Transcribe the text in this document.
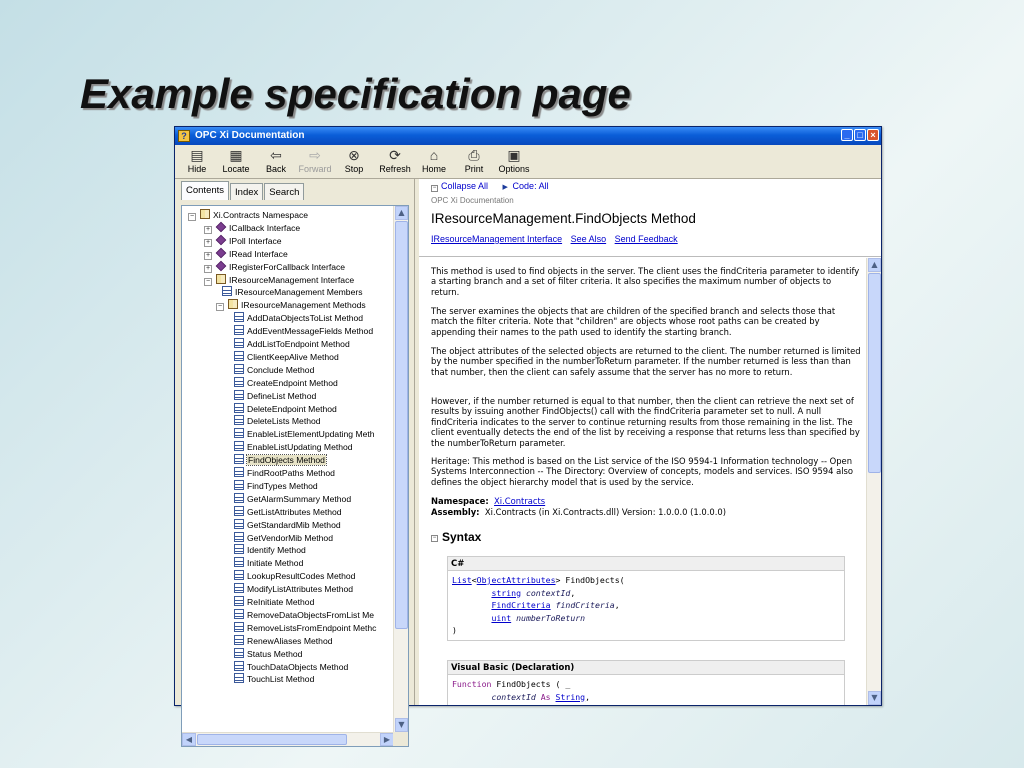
Example specification page
? OPC Xi Documentation	_ □ ×
▤
Hide
▦
Locate
⇦
Back
⇨
Forward
⊗
Stop
⟳
Refresh
⌂
Home
⎙
Print
▣
Options
Contents	Index	Search
− Xi.Contracts Namespace
+ ICallback Interface
+ IPoll Interface
+ IRead Interface
+ IRegisterForCallback Interface
− IResourceManagement Interface
IResourceManagement Members
− IResourceManagement Methods
AddDataObjectsToList Method
AddEventMessageFields Method
AddListToEndpoint Method
ClientKeepAlive Method
Conclude Method
CreateEndpoint Method
DefineList Method
DeleteEndpoint Method
DeleteLists Method
EnableListElementUpdating Meth
EnableListUpdating Method
FindObjects Method
FindRootPaths Method
FindTypes Method
GetAlarmSummary Method
GetListAttributes Method
GetStandardMib Method
GetVendorMib Method
Identify Method
Initiate Method
LookupResultCodes Method
ModifyListAttributes Method
ReInitiate Method
RemoveDataObjectsFromList Me
RemoveListsFromEndpoint Methc
RenewAliases Method
Status Method
TouchDataObjects Method
TouchList Method
▲
▼
◀	▶
− Collapse All ▶ Code: All
OPC Xi Documentation
IResourceManagement.FindObjects Method
IResourceManagement Interface See Also Send Feedback
This method is used to find objects in the server. The client uses the findCriteria parameter to identify a starting branch and a set of filter criteria. It also specifies the maximum number of objects to return.
The server examines the objects that are children of the specified branch and selects those that match the filter criteria. Note that "children" are objects whose root paths can be created by appending their names to the path used to identify the starting branch.
The object attributes of the selected objects are returned to the client. The number returned is limited by the number specified in the numberToReturn parameter. If the number returned is less than than that number, then the client can safely assume that the server has no more to return.
However, if the number returned is equal to that number, then the client can retrieve the next set of results by issuing another FindObjects() call with the findCriteria parameter set to null. A null findCriteria indicates to the server to continue returning results from those remaining in the list. The client eventually detects the end of the list by receiving a response that returns less than specified by the numberToReturn parameter.
Heritage: This method is based on the List service of the ISO 9594-1 Information technology -- Open Systems Interconnection -- The Directory: Overview of concepts, models and services. ISO 9594 also defines the object hierarchy model that is used by the service.
Namespace: Xi.Contracts
Assembly: Xi.Contracts (in Xi.Contracts.dll) Version: 1.0.0.0 (1.0.0.0)
− Syntax
C#
List<ObjectAttributes> FindObjects(
string contextId,
FindCriteria findCriteria,
uint numberToReturn
)
Visual Basic (Declaration)
Function FindObjects ( _
contextId As String,
▲
▼
